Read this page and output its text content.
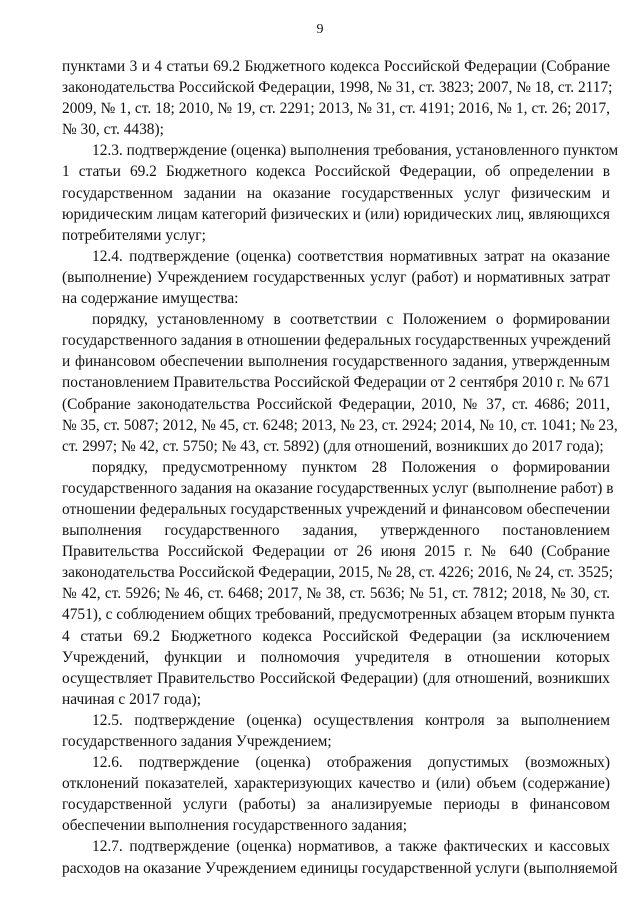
9
пунктами 3 и 4 статьи 69.2 Бюджетного кодекса Российской Федерации (Собрание
законодательства Российской Федерации, 1998, № 31, ст. 3823; 2007, № 18, ст. 2117;
2009, № 1, ст. 18; 2010, № 19, ст. 2291; 2013, № 31, ст. 4191; 2016, № 1, ст. 26; 2017,
№ 30, ст. 4438);
12.3. подтверждение (оценка) выполнения требования, установленного пунктом
1 статьи 69.2 Бюджетного кодекса Российской Федерации, об определении в
государственном задании на оказание государственных услуг физическим и
юридическим лицам категорий физических и (или) юридических лиц, являющихся
потребителями услуг;
12.4. подтверждение (оценка) соответствия нормативных затрат на оказание
(выполнение) Учреждением государственных услуг (работ) и нормативных затрат
на содержание имущества:
порядку, установленному в соответствии с Положением о формировании
государственного задания в отношении федеральных государственных учреждений
и финансовом обеспечении выполнения государственного задания, утвержденным
постановлением Правительства Российской Федерации от 2 сентября 2010 г. № 671
(Собрание законодательства Российской Федерации, 2010, № 37, ст. 4686; 2011,
№ 35, ст. 5087; 2012, № 45, ст. 6248; 2013, № 23, ст. 2924; 2014, № 10, ст. 1041; № 23,
ст. 2997; № 42, ст. 5750; № 43, ст. 5892) (для отношений, возникших до 2017 года);
порядку, предусмотренному пунктом 28 Положения о формировании
государственного задания на оказание государственных услуг (выполнение работ) в
отношении федеральных государственных учреждений и финансовом обеспечении
выполнения государственного задания, утвержденного постановлением
Правительства Российской Федерации от 26 июня 2015 г. № 640 (Собрание
законодательства Российской Федерации, 2015, № 28, ст. 4226; 2016, № 24, ст. 3525;
№ 42, ст. 5926; № 46, ст. 6468; 2017, № 38, ст. 5636; № 51, ст. 7812; 2018, № 30, ст.
4751), с соблюдением общих требований, предусмотренных абзацем вторым пункта
4 статьи 69.2 Бюджетного кодекса Российской Федерации (за исключением
Учреждений, функции и полномочия учредителя в отношении которых
осуществляет Правительство Российской Федерации) (для отношений, возникших
начиная с 2017 года);
12.5. подтверждение (оценка) осуществления контроля за выполнением
государственного задания Учреждением;
12.6. подтверждение (оценка) отображения допустимых (возможных)
отклонений показателей, характеризующих качество и (или) объем (содержание)
государственной услуги (работы) за анализируемые периоды в финансовом
обеспечении выполнения государственного задания;
12.7. подтверждение (оценка) нормативов, а также фактических и кассовых
расходов на оказание Учреждением единицы государственной услуги (выполняемой
